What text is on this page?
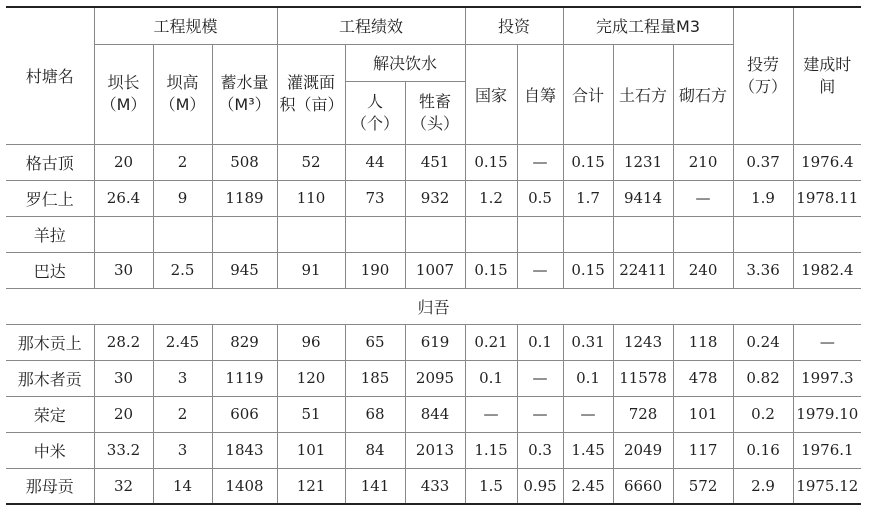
村塘名	工程规模			工程绩效			投资		完成工程量M3			投劳（万）	建成时间
	坝长（M）	坝高（M）	蓄水量（M³）	灌溉面积（亩）	解决饮水		国家	自筹	合计	土石方	砌石方		
					人（个）	牲畜（头）							
格古顶	20	2	508	52	44	451	0.15	—	0.15	1231	210	0.37	1976.4
罗仁上	26.4	9	1189	110	73	932	1.2	0.5	1.7	9414	—	1.9	1978.11
羊拉													
巴达	30	2.5	945	91	190	1007	0.15	—	0.15	22411	240	3.36	1982.4
归吾													
那木贡上	28.2	2.45	829	96	65	619	0.21	0.1	0.31	1243	118	0.24	—
那木者贡	30	3	1119	120	185	2095	0.1	—	0.1	11578	478	0.82	1997.3
荣定	20	2	606	51	68	844	—	—	—	728	101	0.2	1979.10
中米	33.2	3	1843	101	84	2013	1.15	0.3	1.45	2049	117	0.16	1976.1
那母贡	32	14	1408	121	141	433	1.5	0.95	2.45	6660	572	2.9	1975.12
